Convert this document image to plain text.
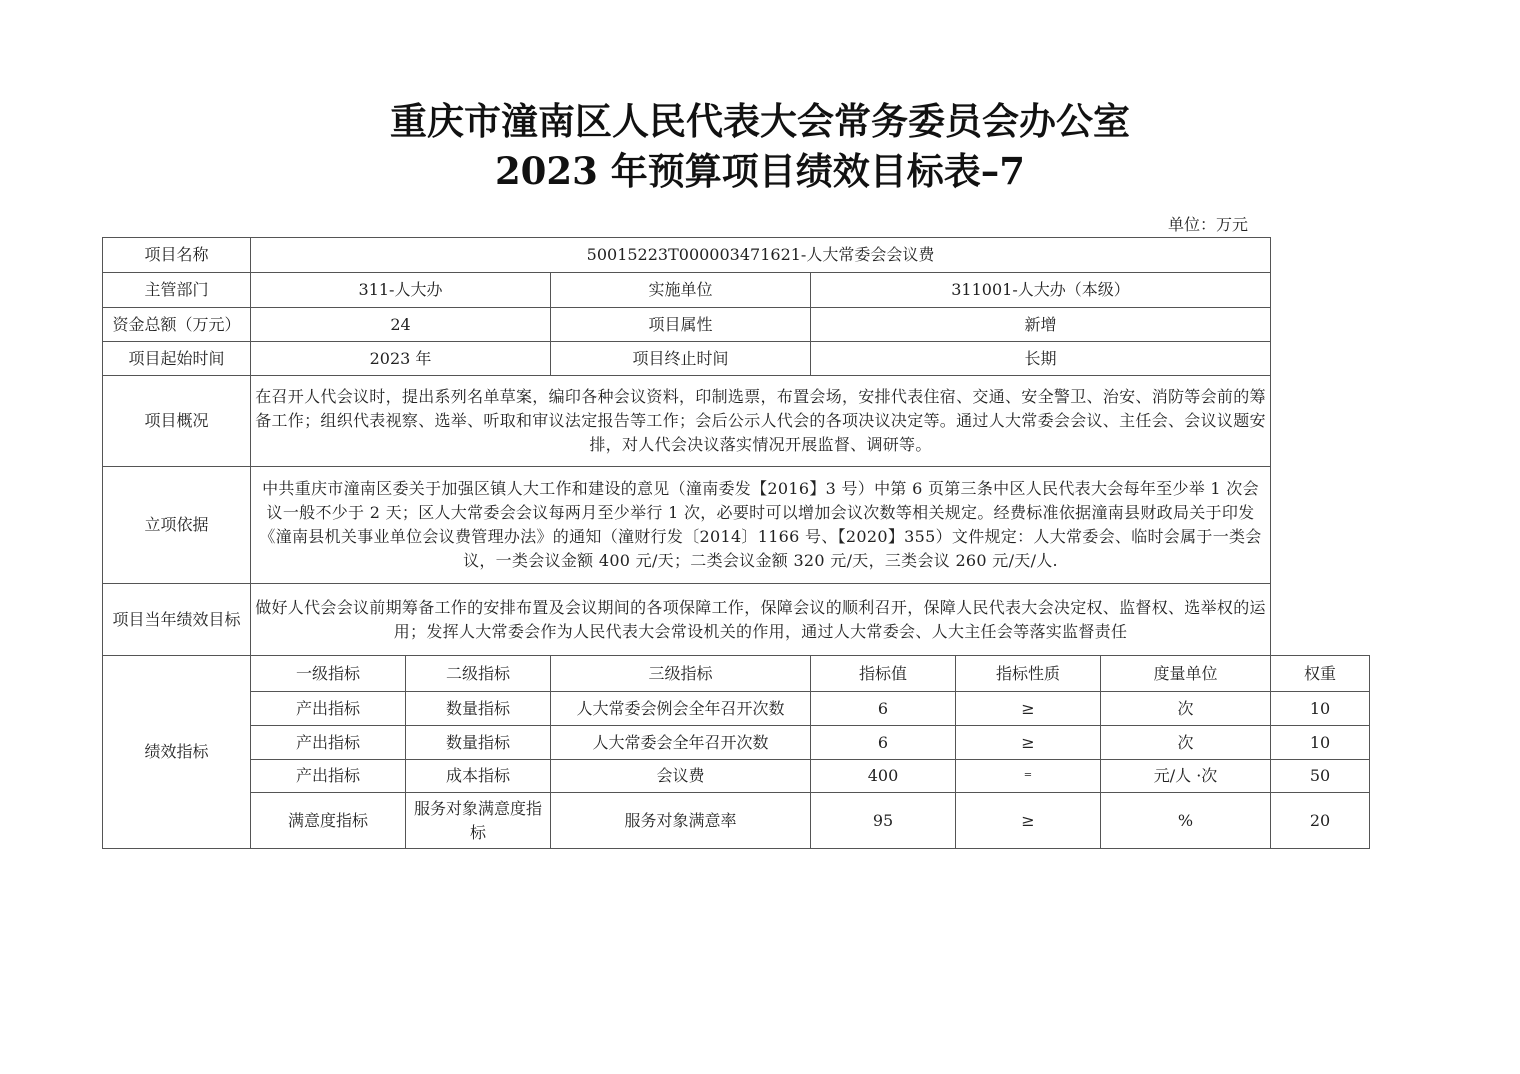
重庆市潼南区人民代表大会常务委员会办公室
2023 年预算项目绩效目标表–7
单位：万元
项目名称	50015223T000003471621-人大常委会会议费						
主管部门	311-人大办		实施单位	311001-人大办（本级）			
资金总额（万元）	24		项目属性	新增			
项目起始时间	2023 年		项目终止时间	长期			
项目概况	在召开人代会议时，提出系列名单草案，编印各种会议资料，印制选票，布置会场，安排代表住宿、交通、安全警卫、治安、消防等会前的筹备工作；组织代表视察、选举、听取和审议法定报告等工作；会后公示人代会的各项决议决定等。通过人大常委会会议、主任会、会议议题安排，对人代会决议落实情况开展监督、调研等。						
立项依据	中共重庆市潼南区委关于加强区镇人大工作和建设的意见（潼南委发【2016】3 号）中第 6 页第三条中区人民代表大会每年至少举 1 次会议一般不少于 2 天；区人大常委会会议每两月至少举行 1 次，必要时可以增加会议次数等相关规定。经费标准依据潼南县财政局关于印发《潼南县机关事业单位会议费管理办法》的通知（潼财行发〔2014〕1166 号、【2020】355）文件规定：人大常委会、临时会属于一类会议，一类会议金额 400 元/天；二类会议金额 320 元/天，三类会议 260 元/天/人.						
项目当年绩效目标	做好人代会会议前期筹备工作的安排布置及会议期间的各项保障工作，保障会议的顺利召开，保障人民代表大会决定权、监督权、选举权的运用；发挥人大常委会作为人民代表大会常设机关的作用，通过人大常委会、人大主任会等落实监督责任						
绩效指标	一级指标	二级指标	三级指标	指标值	指标性质	度量单位	权重
	产出指标	数量指标	人大常委会例会全年召开次数	6	≥	次	10
	产出指标	数量指标	人大常委会全年召开次数	6	≥	次	10
	产出指标	成本指标	会议费	400	=	元/人 ·次	50
	满意度指标	服务对象满意度指标	服务对象满意率	95	≥	%	20
